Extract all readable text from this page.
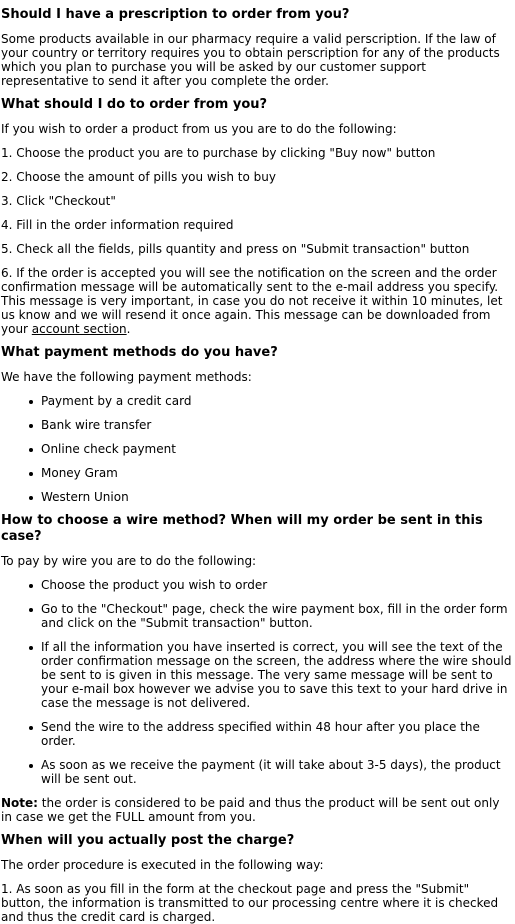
Should I have a prescription to order from you?

Some products available in our pharmacy require a valid perscription. If the law of your country or territory requires you to obtain perscription for any of the products which you plan to purchase you will be asked by our customer support representative to send it after you complete the order.

What should I do to order from you?

If you wish to order a product from us you are to do the following:

1. Choose the product you are to purchase by clicking "Buy now" button

2. Choose the amount of pills you wish to buy

3. Click "Checkout"

4. Fill in the order information required

5. Check all the fields, pills quantity and press on "Submit transaction" button

6. If the order is accepted you will see the notification on the screen and the order confirmation message will be automatically sent to the e-mail address you specify. This message is very important, in case you do not receive it within 10 minutes, let us know and we will resend it once again. This message can be downloaded from your account section.

What payment methods do you have?

We have the following payment methods:

Payment by a credit card
Bank wire transfer
Online check payment
Money Gram
Western Union
How to choose a wire method? When will my order be sent in this case?

To pay by wire you are to do the following:

Choose the product you wish to order
Go to the "Checkout" page, check the wire payment box, fill in the order form and click on the "Submit transaction" button.
If all the information you have inserted is correct, you will see the text of the order confirmation message on the screen, the address where the wire should be sent to is given in this message. The very same message will be sent to your e-mail box however we advise you to save this text to your hard drive in case the message is not delivered.
Send the wire to the address specified within 48 hour after you place the order.
As soon as we receive the payment (it will take about 3-5 days), the product will be sent out.

Note: the order is considered to be paid and thus the product will be sent out only in case we get the FULL amount from you.

When will you actually post the charge?

The order procedure is executed in the following way:

1. As soon as you fill in the form at the checkout page and press the "Submit" button, the information is transmitted to our processing centre where it is checked and thus the credit card is charged.
